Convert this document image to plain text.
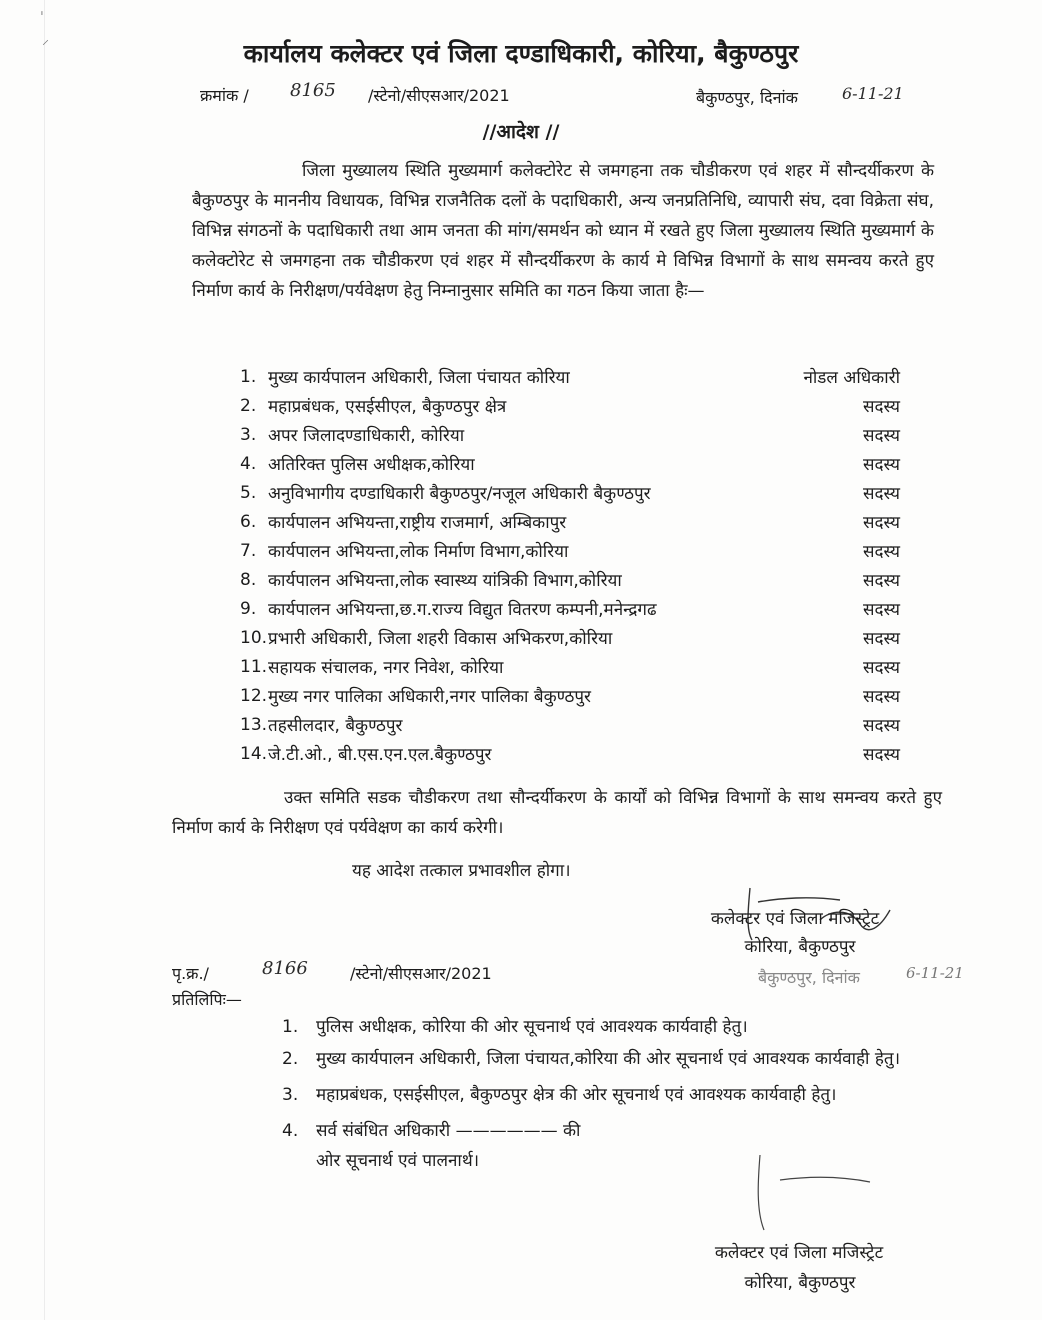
ˈ
⸝	कार्यालय कलेक्टर एवं जिला दण्डाधिकारी, कोरिया, बैकुण्ठपुर
क्रमांक / 8165 /स्टेनो/सीएसआर/2021	बैकुण्ठपुर, दिनांक	6-11-21
//आदेश //
जिला मुख्यालय स्थिति मुख्यमार्ग कलेक्टोरेट से जमगहना तक चौडीकरण एवं शहर में सौन्दर्यीकरण के बैकुण्ठपुर के माननीय विधायक, विभिन्न राजनैतिक दलों के पदाधिकारी, अन्य जनप्रतिनिधि, व्यापारी संघ, दवा विक्रेता संघ, विभिन्न संगठनों के पदाधिकारी तथा आम जनता की मांग/समर्थन को ध्यान में रखते हुए जिला मुख्यालय स्थिति मुख्यमार्ग के कलेक्टोरेट से जमगहना तक चौडीकरण एवं शहर में सौन्दर्यीकरण के कार्य मे विभिन्न विभागों के साथ समन्वय करते हुए निर्माण कार्य के निरीक्षण/पर्यवेक्षण हेतु निम्नानुसार समिति का गठन किया जाता हैः—
1. मुख्य कार्यपालन अधिकारी, जिला पंचायत कोरिया	नोडल अधिकारी
2. महाप्रबंधक, एसईसीएल, बैकुण्ठपुर क्षेत्र	सदस्य
3. अपर जिलादण्डाधिकारी, कोरिया	सदस्य
4. अतिरिक्त पुलिस अधीक्षक,कोरिया	सदस्य
5. अनुविभागीय दण्डाधिकारी बैकुण्ठपुर/नजूल अधिकारी बैकुण्ठपुर	सदस्य
6. कार्यपालन अभियन्ता,राष्ट्रीय राजमार्ग, अम्बिकापुर	सदस्य
7. कार्यपालन अभियन्ता,लोक निर्माण विभाग,कोरिया	सदस्य
8. कार्यपालन अभियन्ता,लोक स्वास्थ्य यांत्रिकी विभाग,कोरिया	सदस्य
9. कार्यपालन अभियन्ता,छ.ग.राज्य विद्युत वितरण कम्पनी,मनेन्द्रगढ	सदस्य
10. प्रभारी अधिकारी, जिला शहरी विकास अभिकरण,कोरिया	सदस्य
11. सहायक संचालक, नगर निवेश, कोरिया	सदस्य
12. मुख्य नगर पालिका अधिकारी,नगर पालिका बैकुण्ठपुर	सदस्य
13. तहसीलदार, बैकुण्ठपुर	सदस्य
14. जे.टी.ओ., बी.एस.एन.एल.बैकुण्ठपुर	सदस्य
उक्त समिति सडक चौडीकरण तथा सौन्दर्यीकरण के कार्यों को विभिन्न विभागों के साथ समन्वय करते हुए निर्माण कार्य के निरीक्षण एवं पर्यवेक्षण का कार्य करेगी।
यह आदेश तत्काल प्रभावशील होगा।
कलेक्टर एवं जिला मजिस्ट्रेट
कोरिया, बैकुण्ठपुर
पृ.क्र./	8166	/स्टेनो/सीएसआर/2021	बैकुण्ठपुर, दिनांक	6-11-21
प्रतिलिपिः—
1.	पुलिस अधीक्षक, कोरिया की ओर सूचनार्थ एवं आवश्यक कार्यवाही हेतु।
2.	मुख्य कार्यपालन अधिकारी, जिला पंचायत,कोरिया की ओर सूचनार्थ एवं आवश्यक कार्यवाही हेतु।
3.	महाप्रबंधक, एसईसीएल, बैकुण्ठपुर क्षेत्र की ओर सूचनार्थ एवं आवश्यक कार्यवाही हेतु।
4.	सर्व संबंधित अधिकारी —————— की ओर सूचनार्थ एवं पालनार्थ।
कलेक्टर एवं जिला मजिस्ट्रेट
कोरिया, बैकुण्ठपुर
